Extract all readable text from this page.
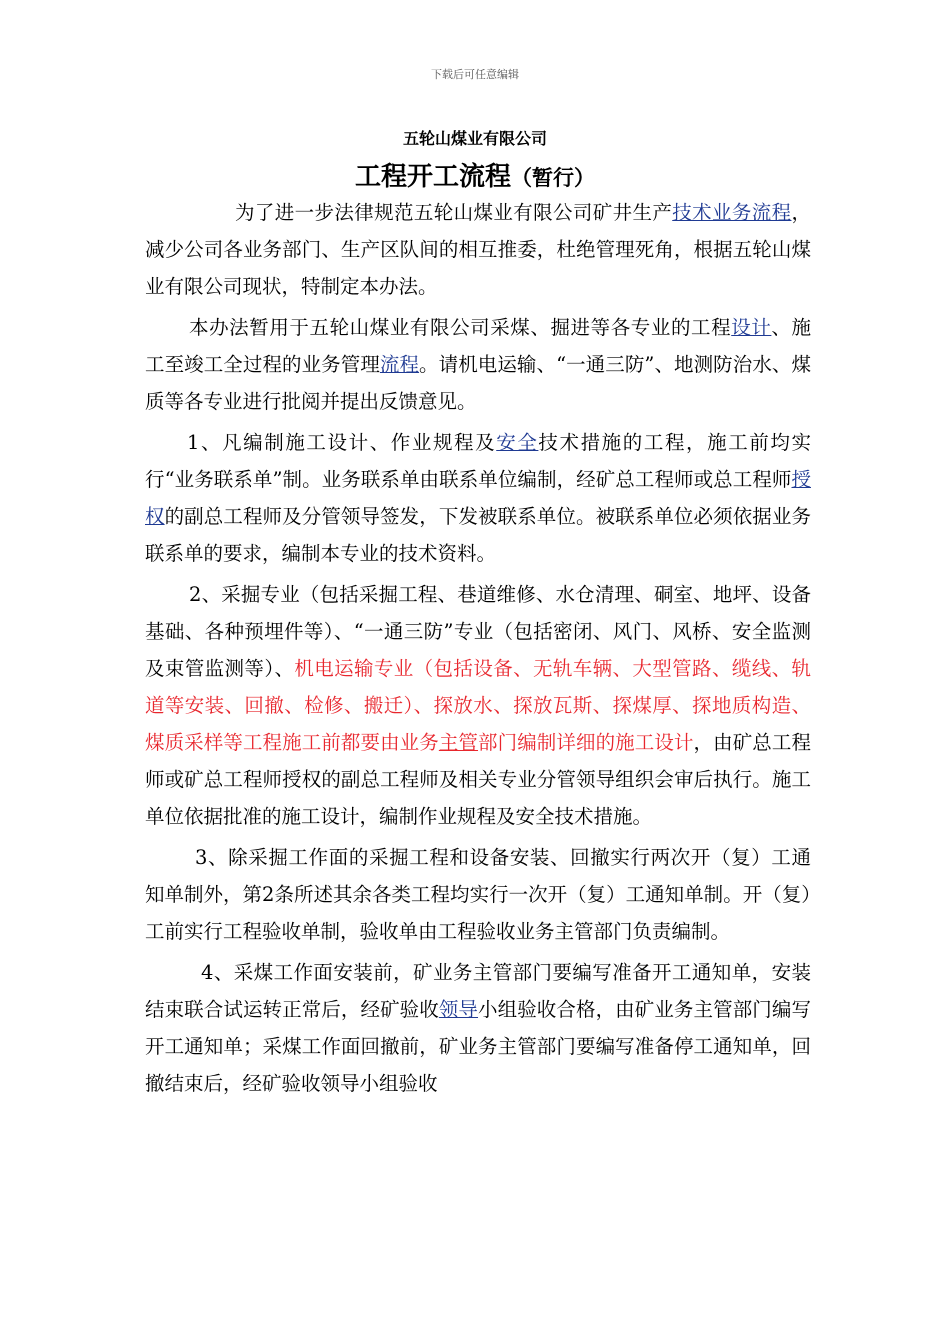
下载后可任意编辑
五轮山煤业有限公司
工程开工流程（暂行）

为了进一步法律规范五轮山煤业有限公司矿井生产技术业务流程，减少公司各业务部门、生产区队间的相互推委，杜绝管理死角，根据五轮山煤业有限公司现状，特制定本办法。

本办法暂用于五轮山煤业有限公司采煤、掘进等各专业的工程设计、施工至竣工全过程的业务管理流程。请机电运输、“一通三防”、地测防治水、煤质等各专业进行批阅并提出反馈意见。

1、凡编制施工设计、作业规程及安全技术措施的工程，施工前均实行“业务联系单”制。业务联系单由联系单位编制，经矿总工程师或总工程师授权的副总工程师及分管领导签发，下发被联系单位。被联系单位必须依据业务联系单的要求，编制本专业的技术资料。

2、采掘专业（包括采掘工程、巷道维修、水仓清理、硐室、地坪、设备基础、各种预埋件等）、“一通三防”专业（包括密闭、风门、风桥、安全监测及束管监测等）、机电运输专业（包括设备、无轨车辆、大型管路、缆线、轨道等安装、回撤、检修、搬迁）、探放水、探放瓦斯、探煤厚、探地质构造、煤质采样等工程施工前都要由业务主管部门编制详细的施工设计，由矿总工程师或矿总工程师授权的副总工程师及相关专业分管领导组织会审后执行。施工单位依据批准的施工设计，编制作业规程及安全技术措施。

3、除采掘工作面的采掘工程和设备安装、回撤实行两次开（复）工通知单制外，第2条所述其余各类工程均实行一次开（复）工通知单制。开（复）工前实行工程验收单制，验收单由工程验收业务主管部门负责编制。

4、采煤工作面安装前，矿业务主管部门要编写准备开工通知单，安装结束联合试运转正常后，经矿验收领导小组验收合格，由矿业务主管部门编写开工通知单；采煤工作面回撤前，矿业务主管部门要编写准备停工通知单，回撤结束后，经矿验收领导小组验收
